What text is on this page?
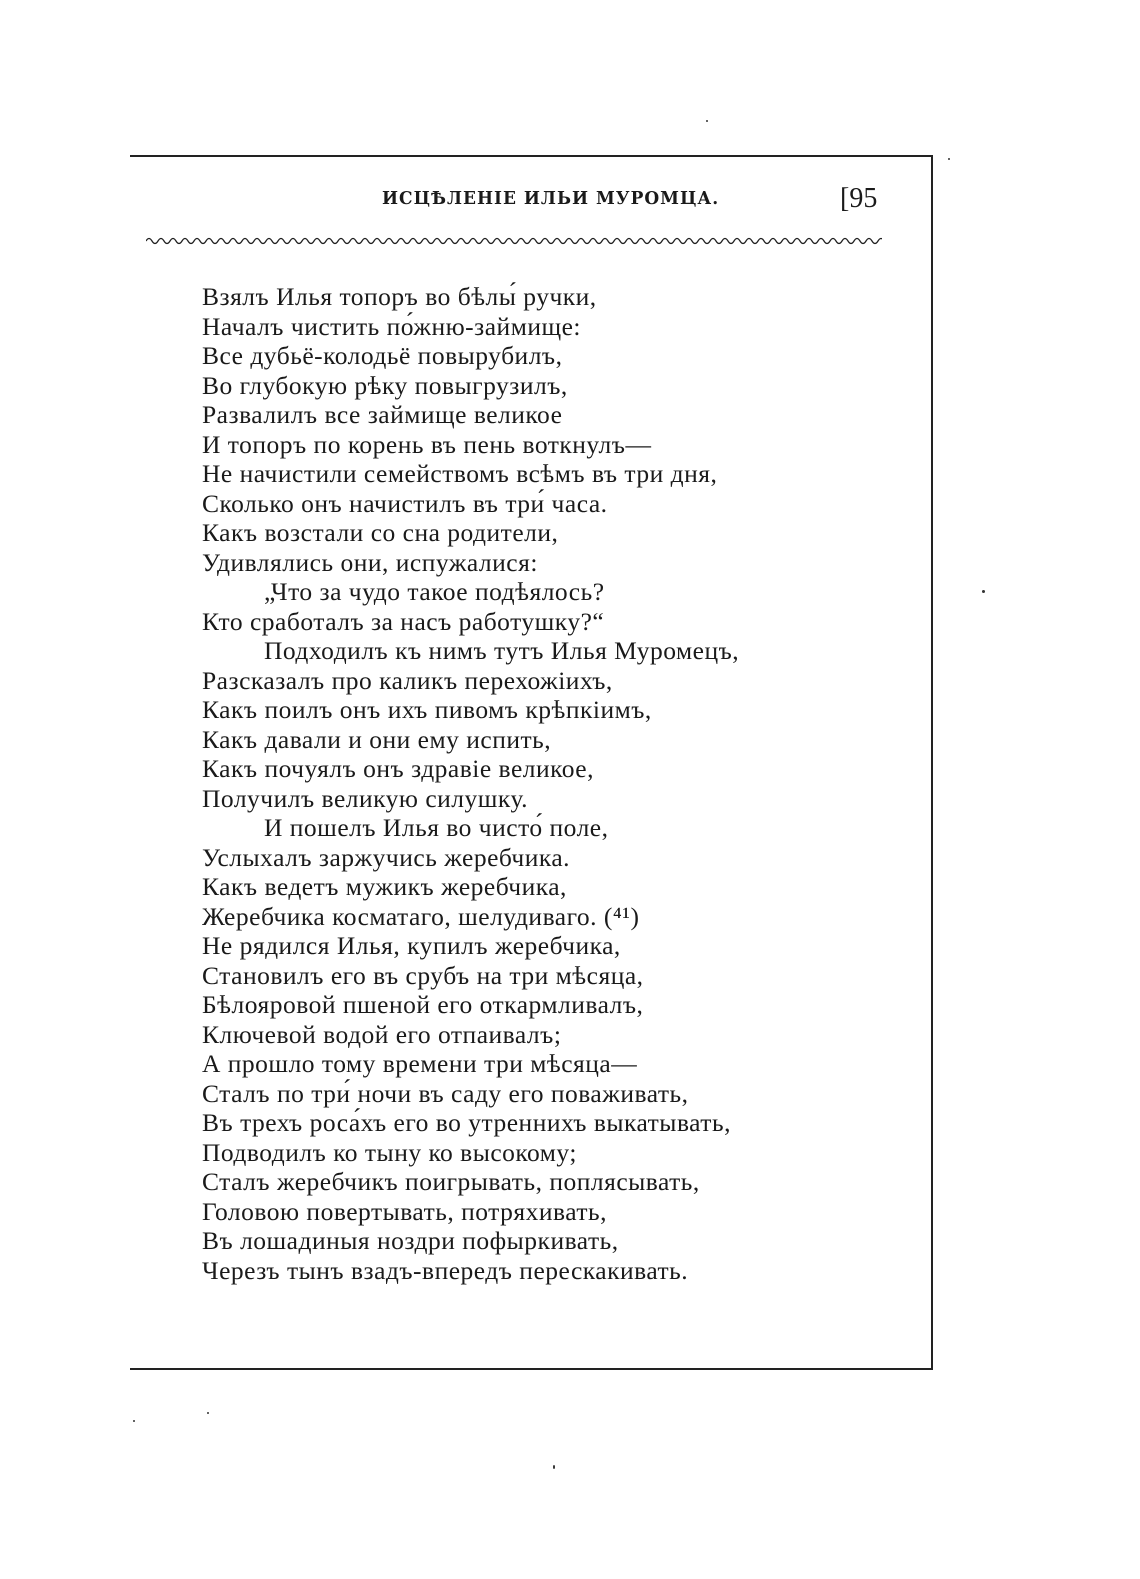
ИСЦѢЛЕНІЕ ИЛЬИ МУРОМЦА.	[95
Взялъ Илья топоръ во бѣлы́ ручки,
Началъ чистить по́жню-займище:
Все дубьё-колодьё повырубилъ,
Во глубокую рѣку повыгрузилъ,
Развалилъ все займище великое
И топоръ по корень въ пень воткнулъ—
Не начистили семействомъ всѣмъ въ три дня,
Сколько онъ начистилъ въ три́ часа.
Какъ возстали со сна родители,
Удивлялись они, испужалися:
„Что за чудо такое подѣялось?
Кто сработалъ за насъ работушку?“
Подходилъ къ нимъ тутъ Илья Муромецъ,
Разсказалъ про каликъ перехожіихъ,
Какъ поилъ онъ ихъ пивомъ крѣпкіимъ,
Какъ давали и они ему испить,
Какъ почуялъ онъ здравіе великое,
Получилъ великую силушку.
И пошелъ Илья во чисто́ поле,
Услыхалъ заржучись жеребчика.
Какъ ведетъ мужикъ жеребчика,
Жеребчика косматаго, шелудиваго. (⁴¹)
Не рядился Илья, купилъ жеребчика,
Становилъ его въ срубъ на три мѣсяца,
Бѣлояровой пшеной его откармливалъ,
Ключевой водой его отпаивалъ;
А прошло тому времени три мѣсяца—
Сталъ по три́ ночи въ саду его поваживать,
Въ трехъ роса́хъ его во утреннихъ выкатывать,
Подводилъ ко тыну ко высокому;
Сталъ жеребчикъ поигрывать, поплясывать,
Головою повертывать, потряхивать,
Въ лошадиныя ноздри пофыркивать,
Черезъ тынъ взадъ-впередъ перескакивать.
